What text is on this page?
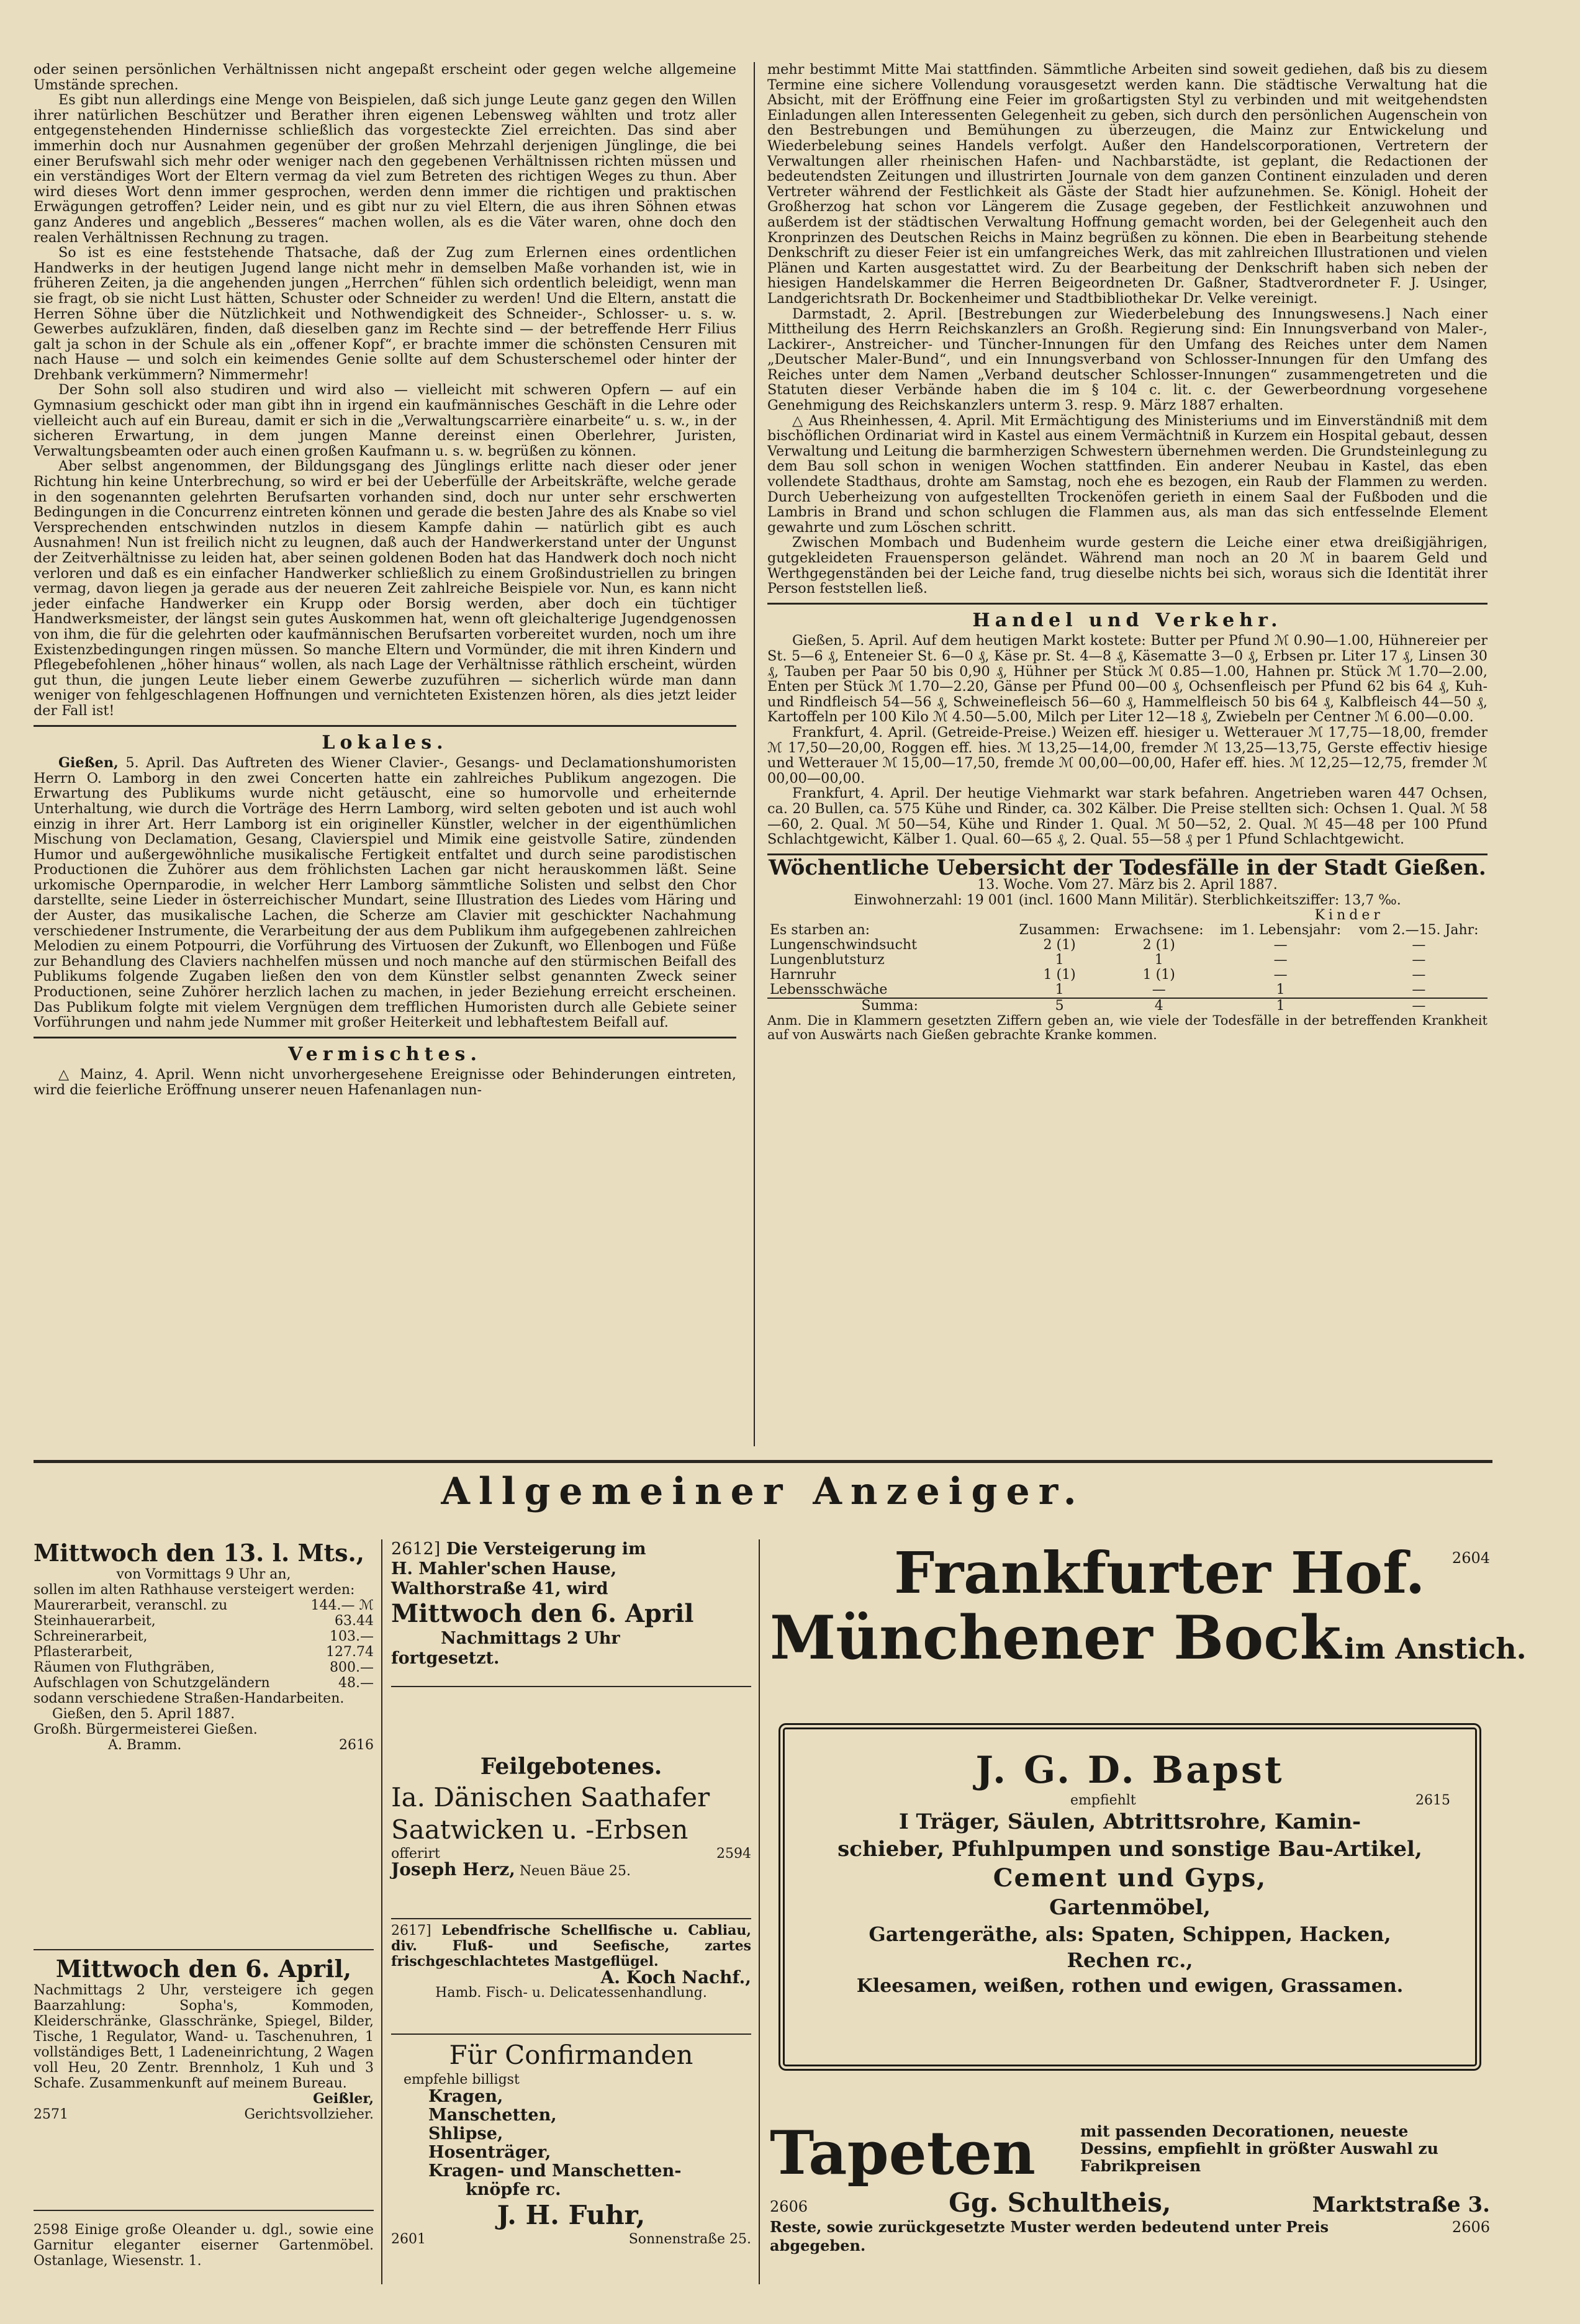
oder seinen persönlichen Verhältnissen nicht angepaßt erscheint oder gegen welche allgemeine Umstände sprechen.

Es gibt nun allerdings eine Menge von Beispielen, daß sich junge Leute ganz gegen den Willen ihrer natürlichen Beschützer und Berather ihren eigenen Lebensweg wählten und trotz aller entgegenstehenden Hindernisse schließlich das vorgesteckte Ziel erreichten. Das sind aber immerhin doch nur Ausnahmen gegenüber der großen Mehrzahl derjenigen Jünglinge, die bei einer Berufswahl sich mehr oder weniger nach den gegebenen Verhältnissen richten müssen und ein verständiges Wort der Eltern vermag da viel zum Betreten des richtigen Weges zu thun. Aber wird dieses Wort denn immer gesprochen, werden denn immer die richtigen und praktischen Erwägungen getroffen? Leider nein, und es gibt nur zu viel Eltern, die aus ihren Söhnen etwas ganz Anderes und angeblich „Besseres“ machen wollen, als es die Väter waren, ohne doch den realen Verhältnissen Rechnung zu tragen.

So ist es eine feststehende Thatsache, daß der Zug zum Erlernen eines ordentlichen Handwerks in der heutigen Jugend lange nicht mehr in demselben Maße vorhanden ist, wie in früheren Zeiten, ja die angehenden jungen „Herrchen“ fühlen sich ordentlich beleidigt, wenn man sie fragt, ob sie nicht Lust hätten, Schuster oder Schneider zu werden! Und die Eltern, anstatt die Herren Söhne über die Nützlichkeit und Nothwendigkeit des Schneider-, Schlosser- u. s. w. Gewerbes aufzuklären, finden, daß dieselben ganz im Rechte sind — der betreffende Herr Filius galt ja schon in der Schule als ein „offener Kopf“, er brachte immer die schönsten Censuren mit nach Hause — und solch ein keimendes Genie sollte auf dem Schusterschemel oder hinter der Drehbank verkümmern? Nimmermehr!

Der Sohn soll also studiren und wird also — vielleicht mit schweren Opfern — auf ein Gymnasium geschickt oder man gibt ihn in irgend ein kaufmännisches Geschäft in die Lehre oder vielleicht auch auf ein Bureau, damit er sich in die „Verwaltungscarrière einarbeite“ u. s. w., in der sicheren Erwartung, in dem jungen Manne dereinst einen Oberlehrer, Juristen, Verwaltungsbeamten oder auch einen großen Kaufmann u. s. w. begrüßen zu können.

Aber selbst angenommen, der Bildungsgang des Jünglings erlitte nach dieser oder jener Richtung hin keine Unterbrechung, so wird er bei der Ueberfülle der Arbeitskräfte, welche gerade in den sogenannten gelehrten Berufsarten vorhanden sind, doch nur unter sehr erschwerten Bedingungen in die Concurrenz eintreten können und gerade die besten Jahre des als Knabe so viel Versprechenden entschwinden nutzlos in diesem Kampfe dahin — natürlich gibt es auch Ausnahmen! Nun ist freilich nicht zu leugnen, daß auch der Handwerkerstand unter der Ungunst der Zeitverhältnisse zu leiden hat, aber seinen goldenen Boden hat das Handwerk doch noch nicht verloren und daß es ein einfacher Handwerker schließlich zu einem Großindustriellen zu bringen vermag, davon liegen ja gerade aus der neueren Zeit zahlreiche Beispiele vor. Nun, es kann nicht jeder einfache Handwerker ein Krupp oder Borsig werden, aber doch ein tüchtiger Handwerksmeister, der längst sein gutes Auskommen hat, wenn oft gleichalterige Jugendgenossen von ihm, die für die gelehrten oder kaufmännischen Berufsarten vorbereitet wurden, noch um ihre Existenzbedingungen ringen müssen. So manche Eltern und Vormünder, die mit ihren Kindern und Pflegebefohlenen „höher hinaus“ wollen, als nach Lage der Verhältnisse räthlich erscheint, würden gut thun, die jungen Leute lieber einem Gewerbe zuzuführen — sicherlich würde man dann weniger von fehlgeschlagenen Hoffnungen und vernichteten Existenzen hören, als dies jetzt leider der Fall ist!

Lokales.

Gießen, 5. April. Das Auftreten des Wiener Clavier-, Gesangs- und Declamationshumoristen Herrn O. Lamborg in den zwei Concerten hatte ein zahlreiches Publikum angezogen. Die Erwartung des Publikums wurde nicht getäuscht, eine so humorvolle und erheiternde Unterhaltung, wie durch die Vorträge des Herrn Lamborg, wird selten geboten und ist auch wohl einzig in ihrer Art. Herr Lamborg ist ein origineller Künstler, welcher in der eigenthümlichen Mischung von Declamation, Gesang, Clavierspiel und Mimik eine geistvolle Satire, zündenden Humor und außergewöhnliche musikalische Fertigkeit entfaltet und durch seine parodistischen Productionen die Zuhörer aus dem fröhlichsten Lachen gar nicht herauskommen läßt. Seine urkomische Opernparodie, in welcher Herr Lamborg sämmtliche Solisten und selbst den Chor darstellte, seine Lieder in österreichischer Mundart, seine Illustration des Liedes vom Häring und der Auster, das musikalische Lachen, die Scherze am Clavier mit geschickter Nachahmung verschiedener Instrumente, die Verarbeitung der aus dem Publikum ihm aufgegebenen zahlreichen Melodien zu einem Potpourri, die Vorführung des Virtuosen der Zukunft, wo Ellenbogen und Füße zur Behandlung des Claviers nachhelfen müssen und noch manche auf den stürmischen Beifall des Publikums folgende Zugaben ließen den von dem Künstler selbst genannten Zweck seiner Productionen, seine Zuhörer herzlich lachen zu machen, in jeder Beziehung erreicht erscheinen. Das Publikum folgte mit vielem Vergnügen dem trefflichen Humoristen durch alle Gebiete seiner Vorführungen und nahm jede Nummer mit großer Heiterkeit und lebhaftestem Beifall auf.

Vermischtes.

△ Mainz, 4. April. Wenn nicht unvorhergesehene Ereignisse oder Behinderungen eintreten, wird die feierliche Eröffnung unserer neuen Hafenanlagen nun-

mehr bestimmt Mitte Mai stattfinden. Sämmtliche Arbeiten sind soweit gediehen, daß bis zu diesem Termine eine sichere Vollendung vorausgesetzt werden kann. Die städtische Verwaltung hat die Absicht, mit der Eröffnung eine Feier im großartigsten Styl zu verbinden und mit weitgehendsten Einladungen allen Interessenten Gelegenheit zu geben, sich durch den persönlichen Augenschein von den Bestrebungen und Bemühungen zu überzeugen, die Mainz zur Entwickelung und Wiederbelebung seines Handels verfolgt. Außer den Handelscorporationen, Vertretern der Verwaltungen aller rheinischen Hafen- und Nachbarstädte, ist geplant, die Redactionen der bedeutendsten Zeitungen und illustrirten Journale von dem ganzen Continent einzuladen und deren Vertreter während der Festlichkeit als Gäste der Stadt hier aufzunehmen. Se. Königl. Hoheit der Großherzog hat schon vor Längerem die Zusage gegeben, der Festlichkeit anzuwohnen und außerdem ist der städtischen Verwaltung Hoffnung gemacht worden, bei der Gelegenheit auch den Kronprinzen des Deutschen Reichs in Mainz begrüßen zu können. Die eben in Bearbeitung stehende Denkschrift zu dieser Feier ist ein umfangreiches Werk, das mit zahlreichen Illustrationen und vielen Plänen und Karten ausgestattet wird. Zu der Bearbeitung der Denkschrift haben sich neben der hiesigen Handelskammer die Herren Beigeordneten Dr. Gaßner, Stadtverordneter F. J. Usinger, Landgerichtsrath Dr. Bockenheimer und Stadtbibliothekar Dr. Velke vereinigt.

Darmstadt, 2. April. [Bestrebungen zur Wiederbelebung des Innungswesens.] Nach einer Mittheilung des Herrn Reichskanzlers an Großh. Regierung sind: Ein Innungsverband von Maler-, Lackirer-, Anstreicher- und Tüncher-Innungen für den Umfang des Reiches unter dem Namen „Deutscher Maler-Bund“, und ein Innungsverband von Schlosser-Innungen für den Umfang des Reiches unter dem Namen „Verband deutscher Schlosser-Innungen“ zusammengetreten und die Statuten dieser Verbände haben die im § 104 c. lit. c. der Gewerbeordnung vorgesehene Genehmigung des Reichskanzlers unterm 3. resp. 9. März 1887 erhalten.

△ Aus Rheinhessen, 4. April. Mit Ermächtigung des Ministeriums und im Einverständniß mit dem bischöflichen Ordinariat wird in Kastel aus einem Vermächtniß in Kurzem ein Hospital gebaut, dessen Verwaltung und Leitung die barmherzigen Schwestern übernehmen werden. Die Grundsteinlegung zu dem Bau soll schon in wenigen Wochen stattfinden. Ein anderer Neubau in Kastel, das eben vollendete Stadthaus, drohte am Samstag, noch ehe es bezogen, ein Raub der Flammen zu werden. Durch Ueberheizung von aufgestellten Trockenöfen gerieth in einem Saal der Fußboden und die Lambris in Brand und schon schlugen die Flammen aus, als man das sich entfesselnde Element gewahrte und zum Löschen schritt.

Zwischen Mombach und Budenheim wurde gestern die Leiche einer etwa dreißigjährigen, gutgekleideten Frauensperson geländet. Während man noch an 20 ℳ in baarem Geld und Werthgegenständen bei der Leiche fand, trug dieselbe nichts bei sich, woraus sich die Identität ihrer Person feststellen ließ.

Handel und Verkehr.

Gießen, 5. April. Auf dem heutigen Markt kostete: Butter per Pfund ℳ 0.90—1.00, Hühnereier per St. 5—6 ₰, Enteneier St. 6—0 ₰, Käse pr. St. 4—8 ₰, Käsematte 3—0 ₰, Erbsen pr. Liter 17 ₰, Linsen 30 ₰, Tauben per Paar 50 bis 0,90 ₰, Hühner per Stück ℳ 0.85—1.00, Hahnen pr. Stück ℳ 1.70—2.00, Enten per Stück ℳ 1.70—2.20, Gänse per Pfund 00—00 ₰, Ochsenfleisch per Pfund 62 bis 64 ₰, Kuh- und Rindfleisch 54—56 ₰, Schweinefleisch 56—60 ₰, Hammelfleisch 50 bis 64 ₰, Kalbfleisch 44—50 ₰, Kartoffeln per 100 Kilo ℳ 4.50—5.00, Milch per Liter 12—18 ₰, Zwiebeln per Centner ℳ 6.00—0.00.

Frankfurt, 4. April. (Getreide-Preise.) Weizen eff. hiesiger u. Wetterauer ℳ 17,75—18,00, fremder ℳ 17,50—20,00, Roggen eff. hies. ℳ 13,25—14,00, fremder ℳ 13,25—13,75, Gerste effectiv hiesige und Wetterauer ℳ 15,00—17,50, fremde ℳ 00,00—00,00, Hafer eff. hies. ℳ 12,25—12,75, fremder ℳ 00,00—00,00.

Frankfurt, 4. April. Der heutige Viehmarkt war stark befahren. Angetrieben waren 447 Ochsen, ca. 20 Bullen, ca. 575 Kühe und Rinder, ca. 302 Kälber. Die Preise stellten sich: Ochsen 1. Qual. ℳ 58—60, 2. Qual. ℳ 50—54, Kühe und Rinder 1. Qual. ℳ 50—52, 2. Qual. ℳ 45—48 per 100 Pfund Schlachtgewicht, Kälber 1. Qual. 60—65 ₰, 2. Qual. 55—58 ₰ per 1 Pfund Schlachtgewicht.

Wöchentliche Uebersicht der Todesfälle in der Stadt Gießen.
13. Woche. Vom 27. März bis 2. April 1887.
Einwohnerzahl: 19 001 (incl. 1600 Mann Militär). Sterblichkeitsziffer: 13,7 ‰.
			Kinder	
Es starben an:	Zusammen:	Erwachsene:	im 1. Lebensjahr:	vom 2.—15. Jahr:
Lungenschwindsucht	2 (1)	2 (1)	—	—
Lungenblutsturz	1	1	—	—
Harnruhr	1 (1)	1 (1)	—	—
Lebensschwäche	1	—	1	—
Summa:	5	4	1	—
Anm. Die in Klammern gesetzten Ziffern geben an, wie viele der Todesfälle in der betreffenden Krankheit auf von Auswärts nach Gießen gebrachte Kranke kommen.
Allgemeiner Anzeiger.
Mittwoch den 13. l. Mts.,
von Vormittags 9 Uhr an,
sollen im alten Rathhause versteigert werden:
Maurerarbeit, veranschl. zu	144.— ℳ
Steinhauerarbeit,	63.44
Schreinerarbeit,	103.—
Pflasterarbeit,	127.74
Räumen von Fluthgräben,	800.—
Aufschlagen von Schutzgeländern	48.—
sodann verschiedene Straßen-Handarbeiten.
Gießen, den 5. April 1887.
Großh. Bürgermeisterei Gießen.
A. Bramm.	2616
Mittwoch den 6. April,
Nachmittags 2 Uhr, versteigere ich gegen Baarzahlung: Sopha's, Kommoden, Kleiderschränke, Glasschränke, Spiegel, Bilder, Tische, 1 Regulator, Wand- u. Taschenuhren, 1 vollständiges Bett, 1 Ladeneinrichtung, 2 Wagen voll Heu, 20 Zentr. Brennholz, 1 Kuh und 3 Schafe. Zusammenkunft auf meinem Bureau.
Geißler,
2571	Gerichtsvollzieher.
2598 Einige große Oleander u. dgl., sowie eine Garnitur eleganter eiserner Gartenmöbel. Ostanlage, Wiesenstr. 1.
2612] Die Versteigerung im
H. Mahler'schen Hause,
Walthorstraße 41, wird
Mittwoch den 6. April
Nachmittags 2 Uhr
fortgesetzt.
Feilgebotenes.
Ia. Dänischen Saathafer
Saatwicken u. -Erbsen
offerirt	2594
Joseph Herz, Neuen Bäue 25.
2617] Lebendfrische Schellfische u. Cabliau, div. Fluß- und Seefische, zartes frischgeschlachtetes Mastgeflügel.
A. Koch Nachf.,
Hamb. Fisch- u. Delicatessenhandlung.
Für Confirmanden
empfehle billigst
Kragen,
Manschetten,
Shlipse,
Hosenträger,
Kragen- und Manschetten-
knöpfe rc.
J. H. Fuhr,
2601	Sonnenstraße 25.
Frankfurter Hof. 2604
Münchener Bock im Anstich.
J. G. D. Bapst
empfiehlt	2615
I Träger, Säulen, Abtrittsrohre, Kamin-
schieber, Pfuhlpumpen und sonstige Bau-Artikel,
Cement und Gyps,
Gartenmöbel,
Gartengeräthe, als: Spaten, Schippen, Hacken,
Rechen rc.,
Kleesamen, weißen, rothen und ewigen, Grassamen.
Tapeten	mit passenden Decorationen, neueste Dessins, empfiehlt in größter Auswahl zu Fabrikpreisen
2606	Gg. Schultheis,	Marktstraße 3.
Reste, sowie zurückgesetzte Muster werden bedeutend unter Preis abgegeben.
2606
